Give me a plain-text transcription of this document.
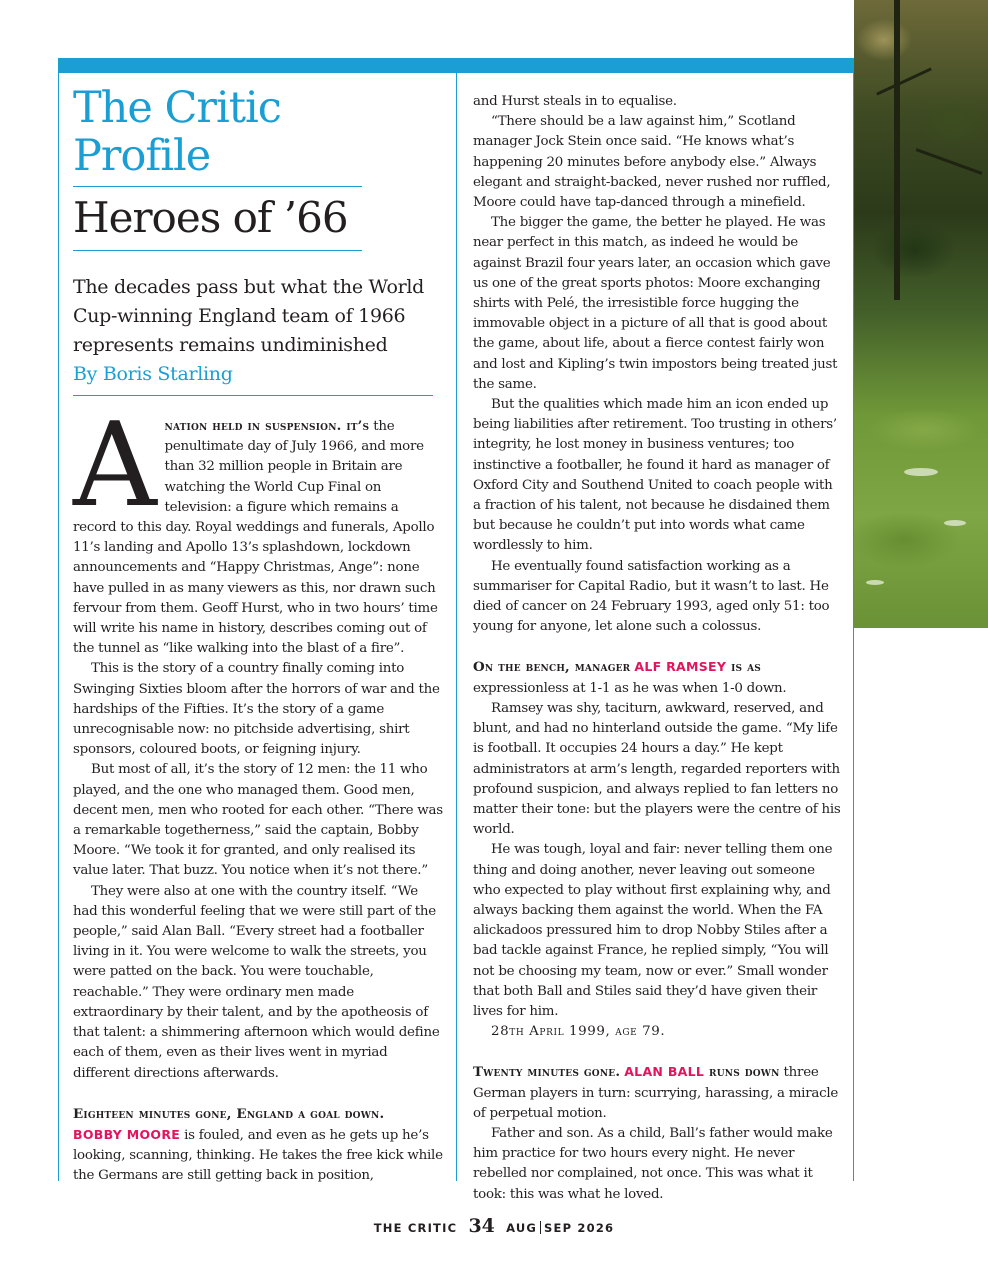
The Critic
Profile
Heroes of ’66
The decades pass but what the World Cup-winning England team of 1966 represents remains undiminished
By Boris Starling

Anation held in suspension. it’s the penultimate day of July 1966, and more than 32 million people in Britain are watching the World Cup Final on television: a figure which remains a record to this day. Royal weddings and funerals, Apollo 11’s landing and Apollo 13’s splashdown, lockdown announcements and “Happy Christmas, Ange”: none have pulled in as many viewers as this, nor drawn such fervour from them. Geoff Hurst, who in two hours’ time will write his name in history, describes coming out of the tunnel as “like walking into the blast of a fire”.

This is the story of a country finally coming into Swinging Sixties bloom after the horrors of war and the hardships of the Fifties. It’s the story of a game unrecognisable now: no pitchside advertising, shirt sponsors, coloured boots, or feigning injury.

But most of all, it’s the story of 12 men: the 11 who played, and the one who managed them. Good men, decent men, men who rooted for each other. “There was a remarkable togetherness,” said the captain, Bobby Moore. “We took it for granted, and only realised its value later. That buzz. You notice when it’s not there.”

They were also at one with the country itself. “We had this wonderful feeling that we were still part of the people,” said Alan Ball. “Every street had a footballer living in it. You were welcome to walk the streets, you were patted on the back. You were touchable, reachable.” They were ordinary men made extraordinary by their talent, and by the apotheosis of that talent: a shimmering afternoon which would define each of them, even as their lives went in myriad different directions afterwards.

Eighteen minutes gone, England a goal down.
BOBBY MOORE is fouled, and even as he gets up he’s looking, scanning, thinking. He takes the free kick while the Germans are still getting back in position,

and Hurst steals in to equalise.

“There should be a law against him,” Scotland manager Jock Stein once said. “He knows what’s happening 20 minutes before anybody else.” Always elegant and straight-backed, never rushed nor ruffled, Moore could have tap-danced through a minefield.

The bigger the game, the better he played. He was near perfect in this match, as indeed he would be against Brazil four years later, an occasion which gave us one of the great sports photos: Moore exchanging shirts with Pelé, the irresistible force hugging the immovable object in a picture of all that is good about the game, about life, about a fierce contest fairly won and lost and Kipling’s twin impostors being treated just the same.

But the qualities which made him an icon ended up being liabilities after retirement. Too trusting in others’ integrity, he lost money in business ventures; too instinctive a footballer, he found it hard as manager of Oxford City and Southend United to coach people with a fraction of his talent, not because he disdained them but because he couldn’t put into words what came wordlessly to him.

He eventually found satisfaction working as a summariser for Capital Radio, but it wasn’t to last. He died of cancer on 24 February 1993, aged only 51: too young for anyone, let alone such a colossus.

On the bench, manager ALF RAMSEY is as expressionless at 1-1 as he was when 1-0 down.

Ramsey was shy, taciturn, awkward, reserved, and blunt, and had no hinterland outside the game. “My life is football. It occupies 24 hours a day.” He kept administrators at arm’s length, regarded reporters with profound suspicion, and always replied to fan letters no matter their tone: but the players were the centre of his world.

He was tough, loyal and fair: never telling them one thing and doing another, never leaving out someone who expected to play without first explaining why, and always backing them against the world. When the FA alickadoos pressured him to drop Nobby Stiles after a bad tackle against France, he replied simply, “You will not be choosing my team, now or ever.” Small wonder that both Ball and Stiles said they’d have given their lives for him.

28th April 1999, age 79.

Twenty minutes gone. ALAN BALL runs down three German players in turn: scurrying, harassing, a miracle of perpetual motion.

Father and son. As a child, Ball’s father would make him practice for two hours every night. He never rebelled nor complained, not once. This was what it took: this was what he loved.

THE CRITIC 34 AUG SEP 2026
